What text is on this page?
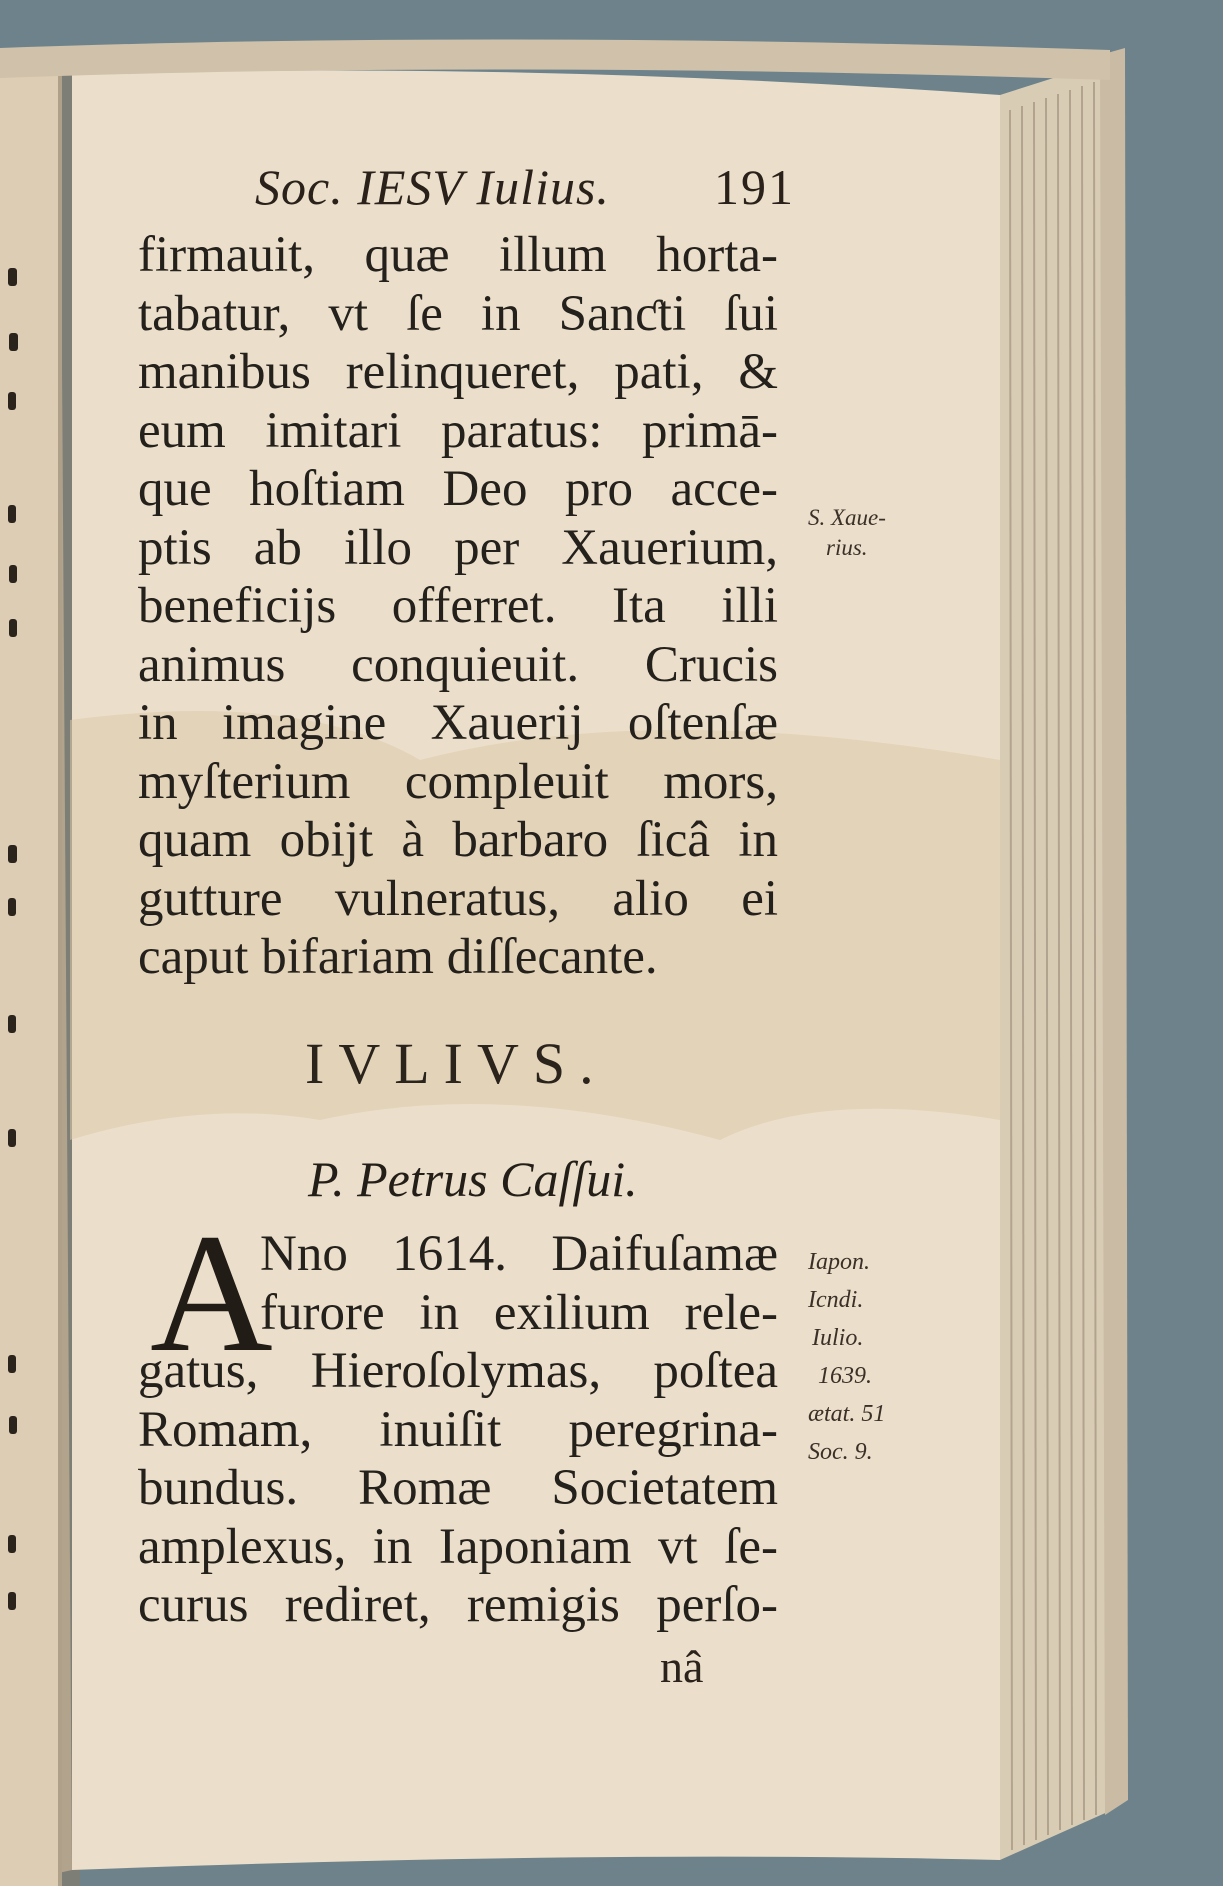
Soc. IESV Iulius. 191
firmauit, quæ illum horta-
tabatur, vt ſe in Sanƈti ſui
manibus relinqueret, pati, &
eum imitari paratus: primā-
que hoſtiam Deo pro acce-
ptis ab illo per Xauerium,
beneficijs offerret. Ita illi
animus conquieuit. Crucis
in imagine Xauerij oſtenſæ
myſterium compleuit mors,
quam obijt à barbaro ſicâ in
gutture vulneratus, alio ei
caput bifariam diſſecante.
S. Xaue-
rius.
IVLIVS.
P. Petrus Caſſui.
A
Nno 1614. Daifuſamæ
furore in exilium rele-
gatus, Hieroſolymas, poſtea
Romam, inuiſit peregrina-
bundus. Romæ Societatem
amplexus, in Iaponiam vt ſe-
curus rediret, remigis perſo-
nâ
Iapon.
Icndi.
Iulio.
1639.
ætat. 51
Soc. 9.
